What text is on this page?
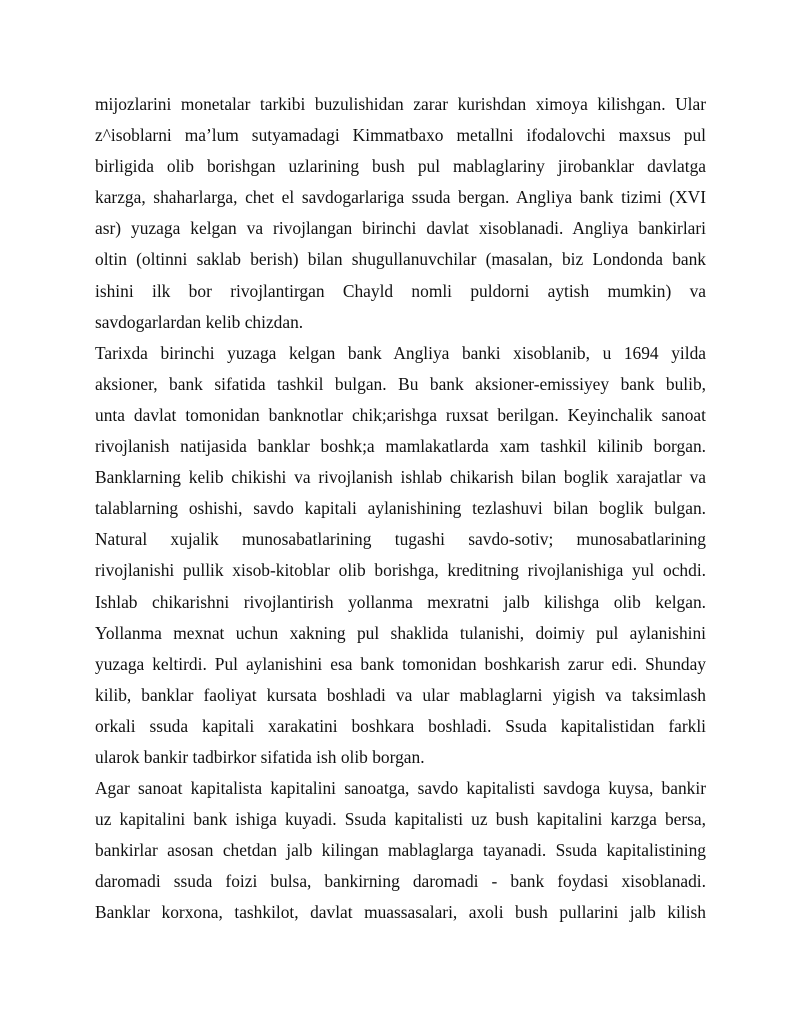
mijozlarini monetalar tarkibi buzulishidan zarar kurishdan ximoya kilishgan. Ular
z^isoblarni ma’lum sutyamadagi Kimmatbaxo metallni ifodalovchi maxsus pul
birligida olib borishgan uzlarining bush pul mablaglariny jirobanklar davlatga
karzga, shaharlarga, chet el savdogarlariga ssuda bergan. Angliya bank tizimi (XVI
asr) yuzaga kelgan va rivojlangan birinchi davlat xisoblanadi. Angliya bankirlari
oltin (oltinni saklab berish) bilan shugullanuvchilar (masalan, biz Londonda bank
ishini ilk bor rivojlantirgan Chayld nomli puldorni aytish mumkin) va
savdogarlardan kelib chizdan.
Tarixda birinchi yuzaga kelgan bank Angliya banki xisoblanib, u 1694 yilda
aksioner, bank sifatida tashkil bulgan. Bu bank aksioner-emissiyey bank bulib,
unta davlat tomonidan banknotlar chik;arishga ruxsat berilgan. Keyinchalik sanoat
rivojlanish natijasida banklar boshk;a mamlakatlarda xam tashkil kilinib borgan.
Banklarning kelib chikishi va rivojlanish ishlab chikarish bilan boglik xarajatlar va
talablarning oshishi, savdo kapitali aylanishining tezlashuvi bilan boglik bulgan.
Natural xujalik munosabatlarining tugashi savdo-sotiv; munosabatlarining
rivojlanishi pullik xisob-kitoblar olib borishga, kreditning rivojlanishiga yul ochdi.
Ishlab chikarishni rivojlantirish yollanma mexratni jalb kilishga olib kelgan.
Yollanma mexnat uchun xakning pul shaklida tulanishi, doimiy pul aylanishini
yuzaga keltirdi. Pul aylanishini esa bank tomonidan boshkarish zarur edi. Shunday
kilib, banklar faoliyat kursata boshladi va ular mablaglarni yigish va taksimlash
orkali ssuda kapitali xarakatini boshkara boshladi. Ssuda kapitalistidan farkli
ularok bankir tadbirkor sifatida ish olib borgan.
Agar sanoat kapitalista kapitalini sanoatga, savdo kapitalisti savdoga kuysa, bankir
uz kapitalini bank ishiga kuyadi. Ssuda kapitalisti uz bush kapitalini karzga bersa,
bankirlar asosan chetdan jalb kilingan mablaglarga tayanadi. Ssuda kapitalistining
daromadi ssuda foizi bulsa, bankirning daromadi - bank foydasi xisoblanadi.
Banklar korxona, tashkilot, davlat muassasalari, axoli bush pullarini jalb kilish
